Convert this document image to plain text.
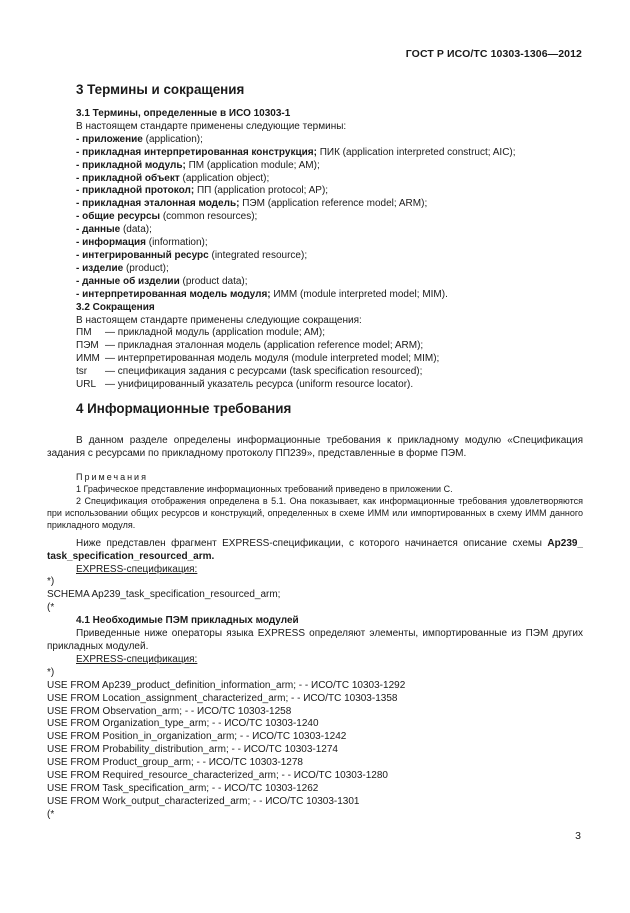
ГОСТ Р ИСО/ТС 10303-1306—2012
3 Термины и сокращения
3.1 Термины, определенные в ИСО 10303-1
В настоящем стандарте применены следующие термины:
- приложение (application);
- прикладная интерпретированная конструкция; ПИК (application interpreted construct; AIC);
- прикладной модуль; ПМ (application module; AM);
- прикладной объект (application object);
- прикладной протокол; ПП (application protocol; AP);
- прикладная эталонная модель; ПЭМ (application reference model; ARM);
- общие ресурсы (common resources);
- данные (data);
- информация (information);
- интегрированный ресурс (integrated resource);
- изделие (product);
- данные об изделии (product data);
- интерпретированная модель модуля; ИММ (module interpreted model; MIM).
3.2 Сокращения
В настоящем стандарте применены следующие сокращения:
ПМ	— прикладной модуль (application module; AM);
ПЭМ — прикладная эталонная модель (application reference model; ARM);
ИММ — интерпретированная модель модуля (module interpreted model; MIM);
tsr	— спецификация задания с ресурсами (task specification resourced);
URL — унифицированный указатель ресурса (uniform resource locator).
4 Информационные требования
В данном разделе определены информационные требования к прикладному модулю «Спецификация задания с ресурсами по прикладному протоколу ПП239», представленные в форме ПЭМ.
Примечания
1 Графическое представление информационных требований приведено в приложении С.
2 Спецификация отображения определена в 5.1. Она показывает, как информационные требования удовлетворяются при использовании общих ресурсов и конструкций, определенных в схеме ИММ или импортированных в схему ИММ данного прикладного модуля.
Ниже представлен фрагмент EXPRESS-спецификации, с которого начинается описание схемы Ap239_ task_specification_resourced_arm.
EXPRESS-спецификация:
*)
SCHEMA Ap239_task_specification_resourced_arm;
(*
4.1 Необходимые ПЭМ прикладных модулей
Приведенные ниже операторы языка EXPRESS определяют элементы, импортированные из ПЭМ других прикладных модулей.
EXPRESS-спецификация:
*)
USE FROM Ap239_product_definition_information_arm; - - ИСО/ТС 10303-1292
USE FROM Location_assignment_characterized_arm; - - ИСО/ТС 10303-1358
USE FROM Observation_arm; - - ИСО/ТС 10303-1258
USE FROM Organization_type_arm; - - ИСО/ТС 10303-1240
USE FROM Position_in_organization_arm; - - ИСО/ТС 10303-1242
USE FROM Probability_distribution_arm; - - ИСО/ТС 10303-1274
USE FROM Product_group_arm; - - ИСО/ТС 10303-1278
USE FROM Required_resource_characterized_arm; - - ИСО/ТС 10303-1280
USE FROM Task_specification_arm; - - ИСО/ТС 10303-1262
USE FROM Work_output_characterized_arm; - - ИСО/ТС 10303-1301
(*
3
